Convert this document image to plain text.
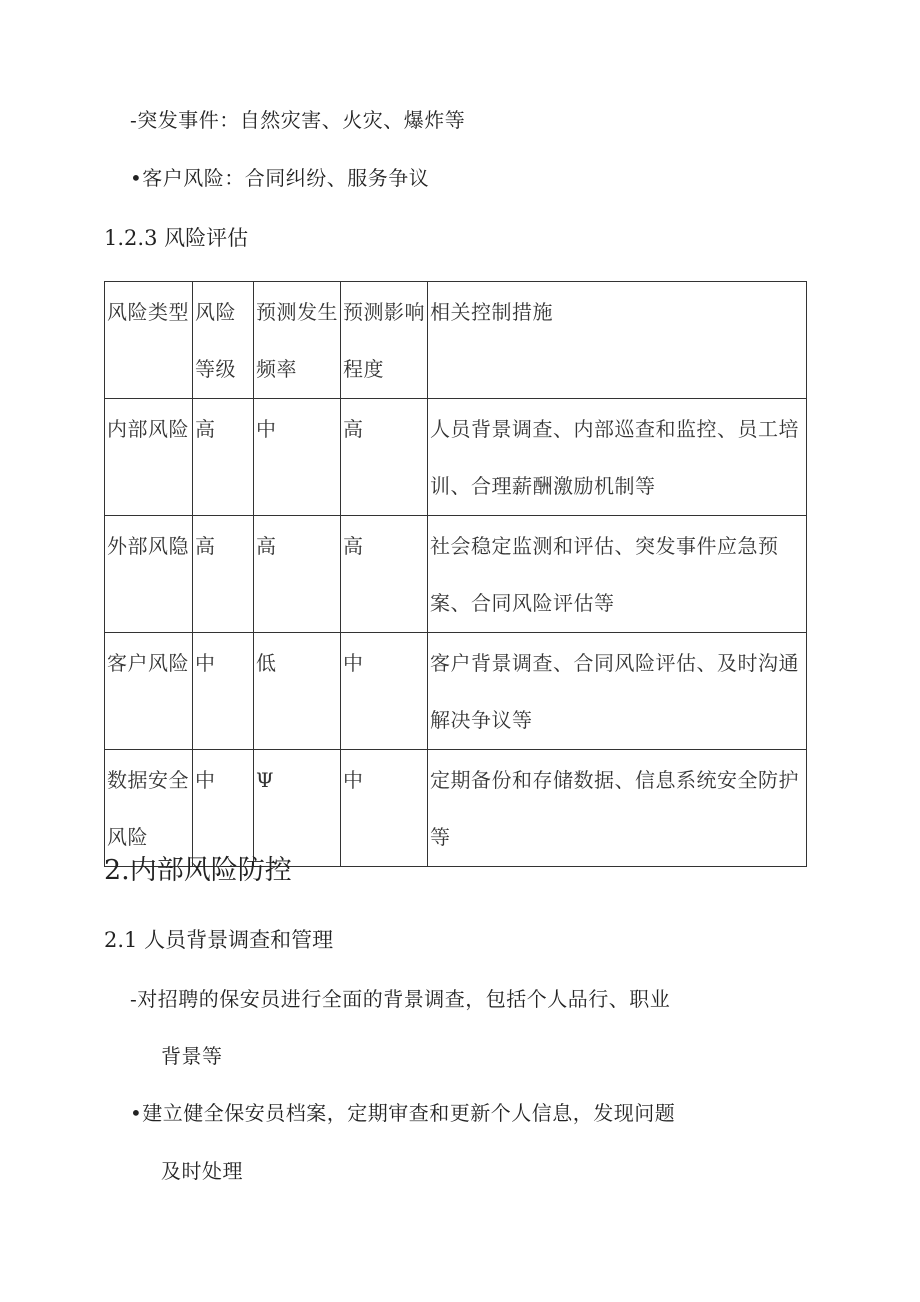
-突发事件：自然灾害、火灾、爆炸等
•客户风险：合同纠纷、服务争议
1.2.3 风险评估
风险类型	风险等级	预测发生频率	预测影响程度	相关控制措施
内部风险	高	中	高	人员背景调查、内部巡查和监控、员工培训、合理薪酬激励机制等
外部风隐	高	高	高	社会稳定监测和评估、突发事件应急预案、合同风险评估等
客户风险	中	低	中	客户背景调查、合同风险评估、及时沟通解决争议等
数据安全风险	中	Ψ	中	定期备份和存储数据、信息系统安全防护等
2.内部风险防控
2.1 人员背景调查和管理
-对招聘的保安员进行全面的背景调查，包括个人品行、职业
背景等
•建立健全保安员档案，定期审查和更新个人信息，发现问题
及时处理
